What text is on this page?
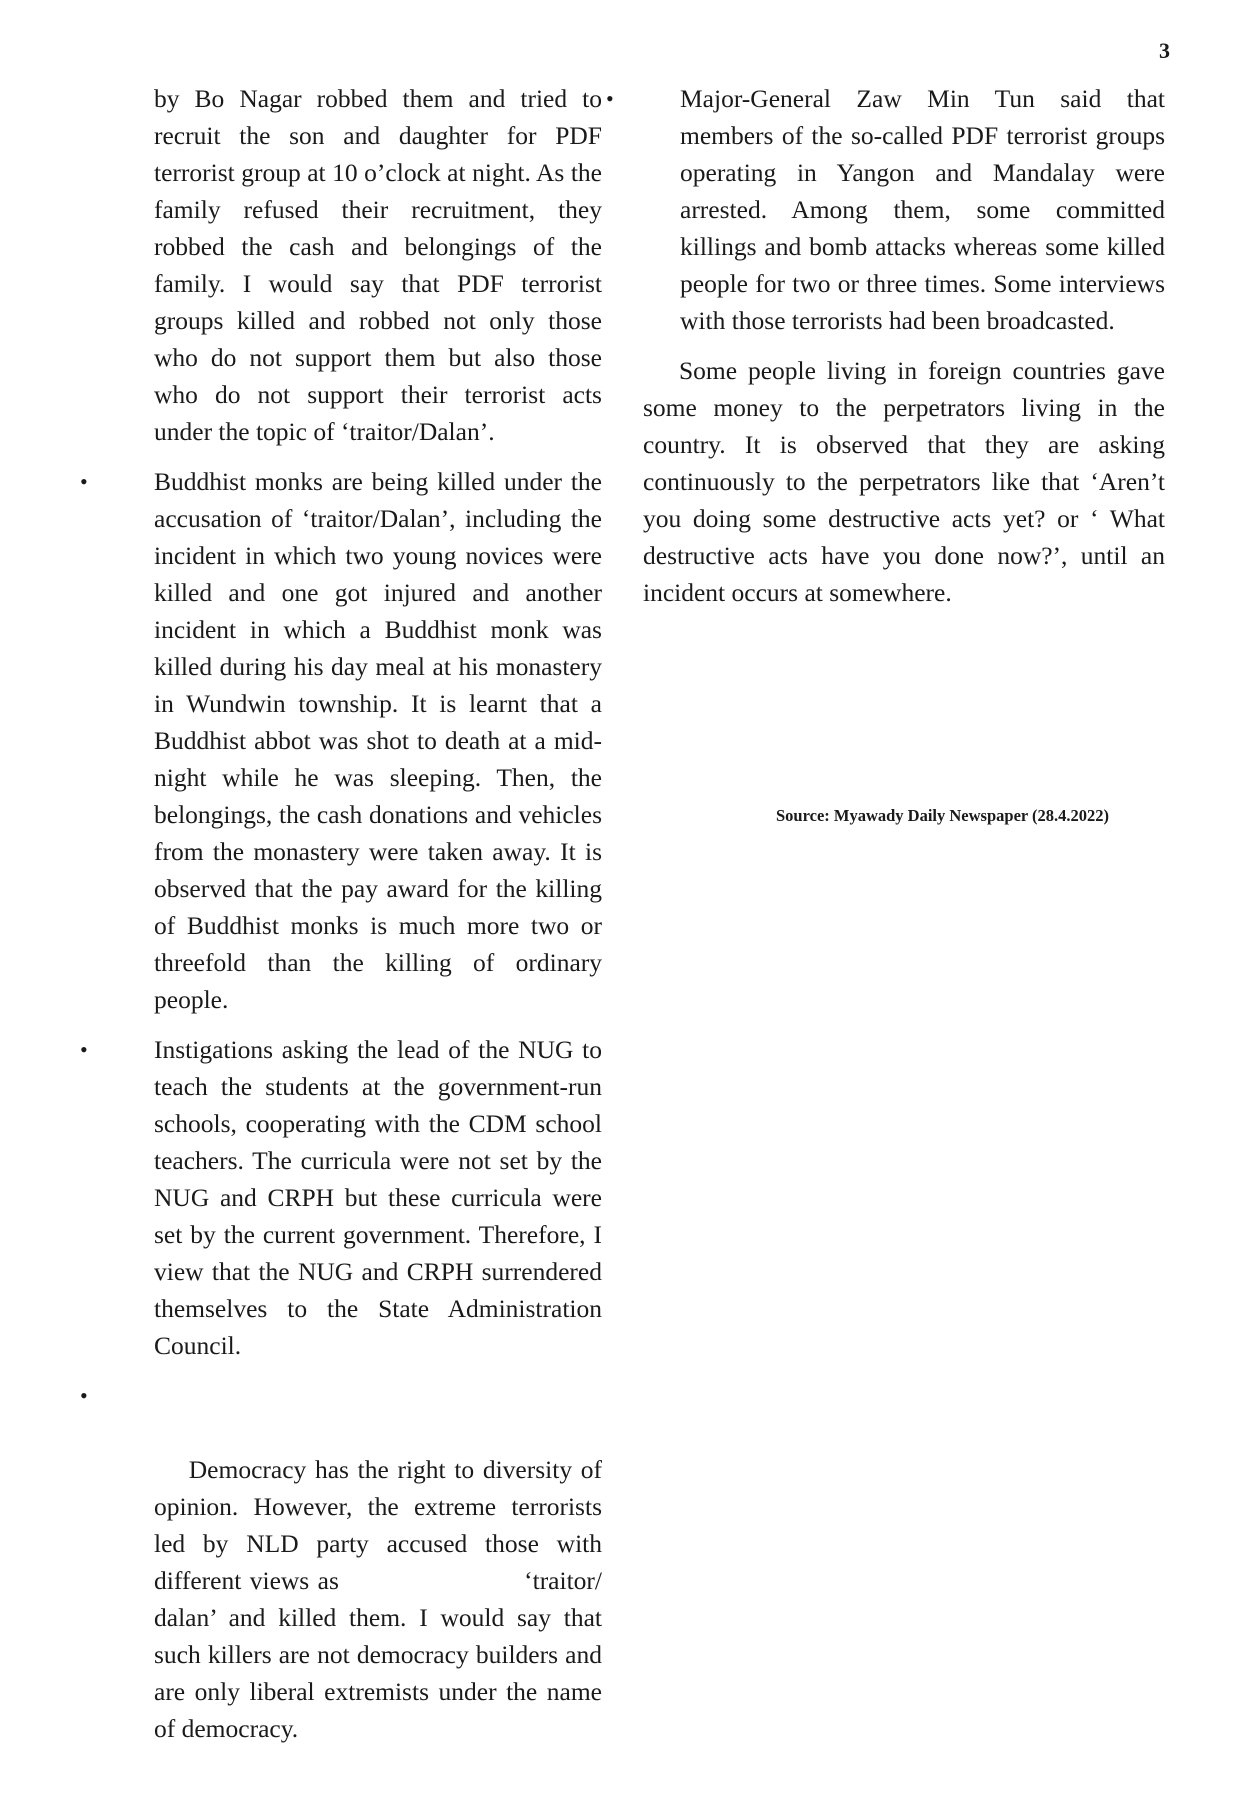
3

by Bo Nagar robbed them and tried to recruit the son and daughter for PDF terrorist group at 10 o’clock at night. As the family refused their recruitment, they robbed the cash and belongings of the family. I would say that PDF terrorist groups killed and robbed not only those who do not support them but also those who do not support their terrorist acts under the topic of ‘traitor/Dalan’.

•	Buddhist monks are being killed under the accusation of ‘traitor/Dalan’, including the incident in which two young novices were killed and one got injured and another incident in which a Buddhist monk was killed during his day meal at his monastery in Wundwin township. It is learnt that a Buddhist abbot was shot to death at a mid-night while he was sleeping. Then, the belongings, the cash donations and vehicles from the monastery were taken away. It is observed that the pay award for the killing of Buddhist monks is much more two or threefold than the killing of ordinary people.
•	Instigations asking the lead of the NUG to teach the students at the government-run schools, cooperating with the CDM school teachers. The curricula were not set by the NUG and CRPH but these curricula were set by the current government. Therefore, I view that the NUG and CRPH surrendered themselves to the State Administration Council.

•

Democracy has the right to diversity of opinion. However, the extreme terrorists led by NLD party accused those with different views as                      ‘traitor/ dalan’ and killed them. I would say that such killers are not democracy builders and are only liberal extremists under the name of democracy.

•	Major-General Zaw Min Tun said that members of the so-called PDF terrorist groups operating in Yangon and Mandalay were arrested. Among them, some committed killings and bomb attacks whereas some killed people for two or three times. Some interviews with those terrorists had been broadcasted.

Some people living in foreign countries gave some money to the perpetrators living in the country. It is observed that they are asking continuously to the perpetrators like that ‘Aren’t you doing some destructive acts yet? or ‘ What destructive acts have you done now?’, until an incident occurs at somewhere.

Source: Myawady Daily Newspaper (28.4.2022)
